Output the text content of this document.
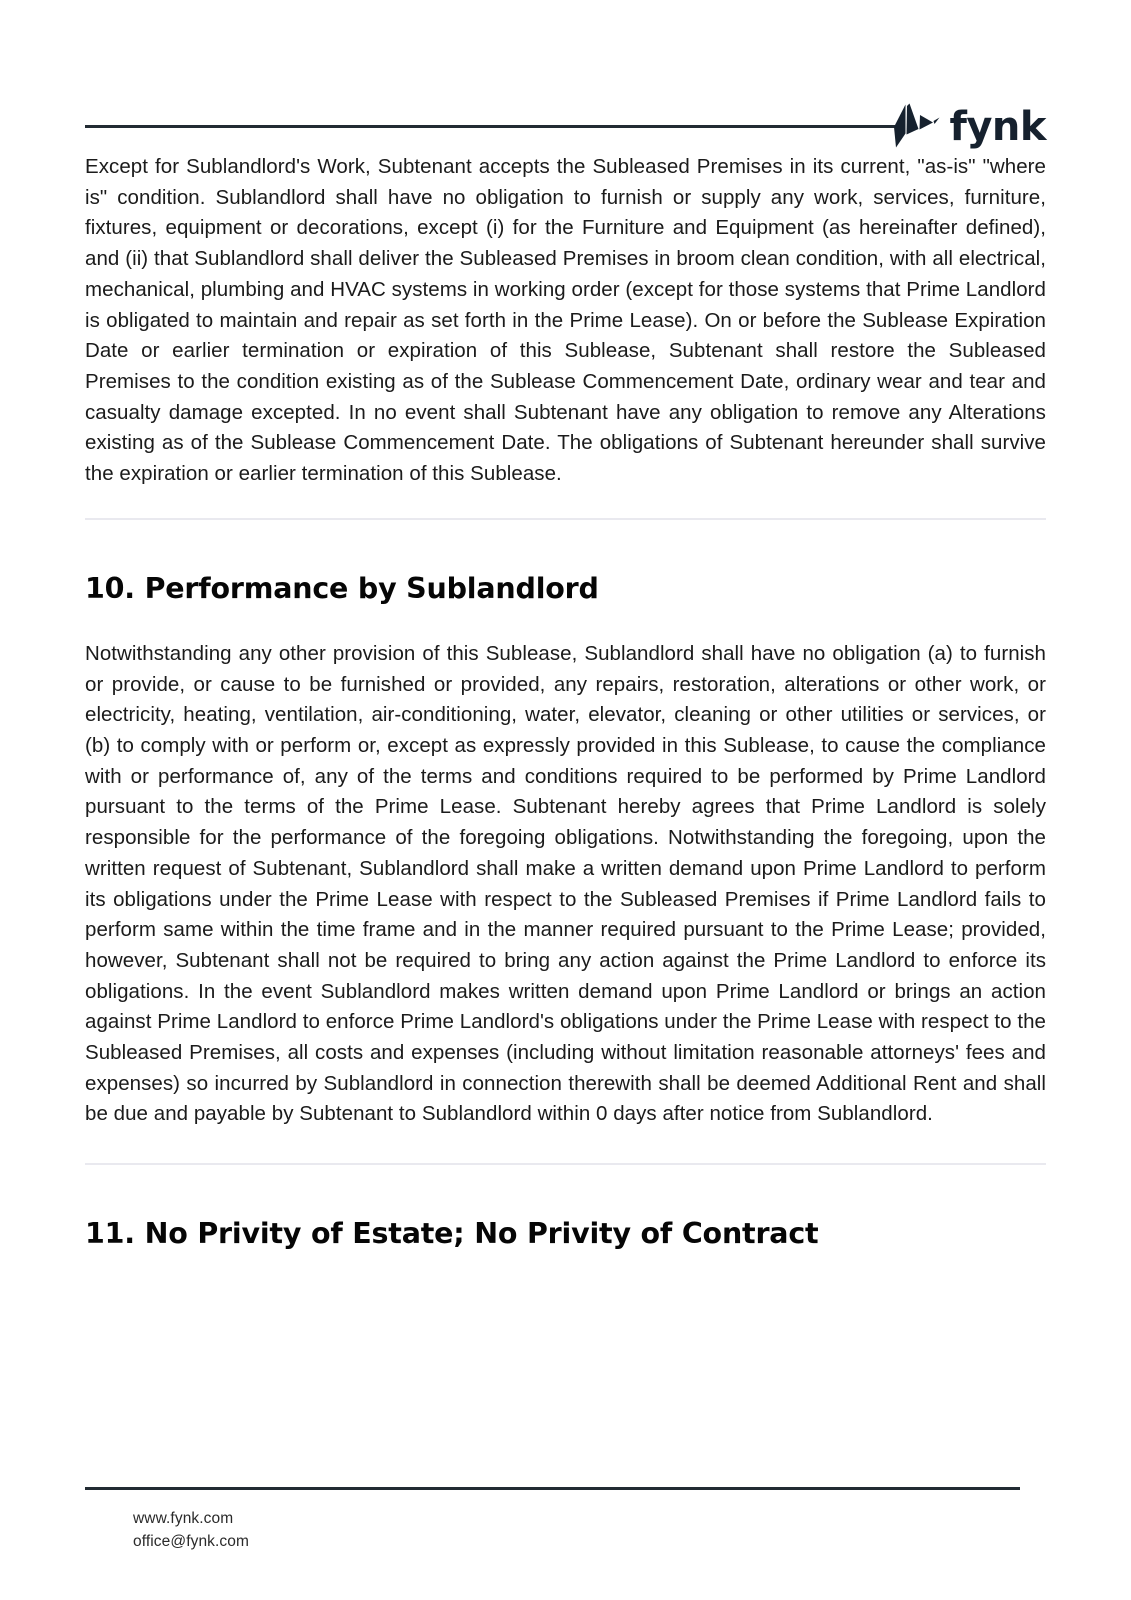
fynk

Except for Sublandlord's Work, Subtenant accepts the Subleased Premises in its current, "as-is" "where is" condition. Sublandlord shall have no obligation to furnish or supply any work, services, furniture, fixtures, equipment or decorations, except (i) for the Furniture and Equipment (as hereinafter defined), and (ii) that Sublandlord shall deliver the Subleased Premises in broom clean condition, with all electrical, mechanical, plumbing and HVAC systems in working order (except for those systems that Prime Landlord is obligated to maintain and repair as set forth in the Prime Lease). On or before the Sublease Expiration Date or earlier termination or expiration of this Sublease, Subtenant shall restore the Subleased Premises to the condition existing as of the Sublease Commencement Date, ordinary wear and tear and casualty damage excepted. In no event shall Subtenant have any obligation to remove any Alterations existing as of the Sublease Commencement Date. The obligations of Subtenant hereunder shall survive the expiration or earlier termination of this Sublease.

10. Performance by Sublandlord

Notwithstanding any other provision of this Sublease, Sublandlord shall have no obligation (a) to furnish or provide, or cause to be furnished or provided, any repairs, restoration, alterations or other work, or electricity, heating, ventilation, air-conditioning, water, elevator, cleaning or other utilities or services, or (b) to comply with or perform or, except as expressly provided in this Sublease, to cause the compliance with or performance of, any of the terms and conditions required to be performed by Prime Landlord pursuant to the terms of the Prime Lease. Subtenant hereby agrees that Prime Landlord is solely responsible for the performance of the foregoing obligations. Notwithstanding the foregoing, upon the written request of Subtenant, Sublandlord shall make a written demand upon Prime Landlord to perform its obligations under the Prime Lease with respect to the Subleased Premises if Prime Landlord fails to perform same within the time frame and in the manner required pursuant to the Prime Lease; provided, however, Subtenant shall not be required to bring any action against the Prime Landlord to enforce its obligations. In the event Sublandlord makes written demand upon Prime Landlord or brings an action against Prime Landlord to enforce Prime Landlord's obligations under the Prime Lease with respect to the Subleased Premises, all costs and expenses (including without limitation reasonable attorneys' fees and expenses) so incurred by Sublandlord in connection therewith shall be deemed Additional Rent and shall be due and payable by Subtenant to Sublandlord within 0 days after notice from Sublandlord.

11. No Privity of Estate; No Privity of Contract
www.fynk.com
office@fynk.com
